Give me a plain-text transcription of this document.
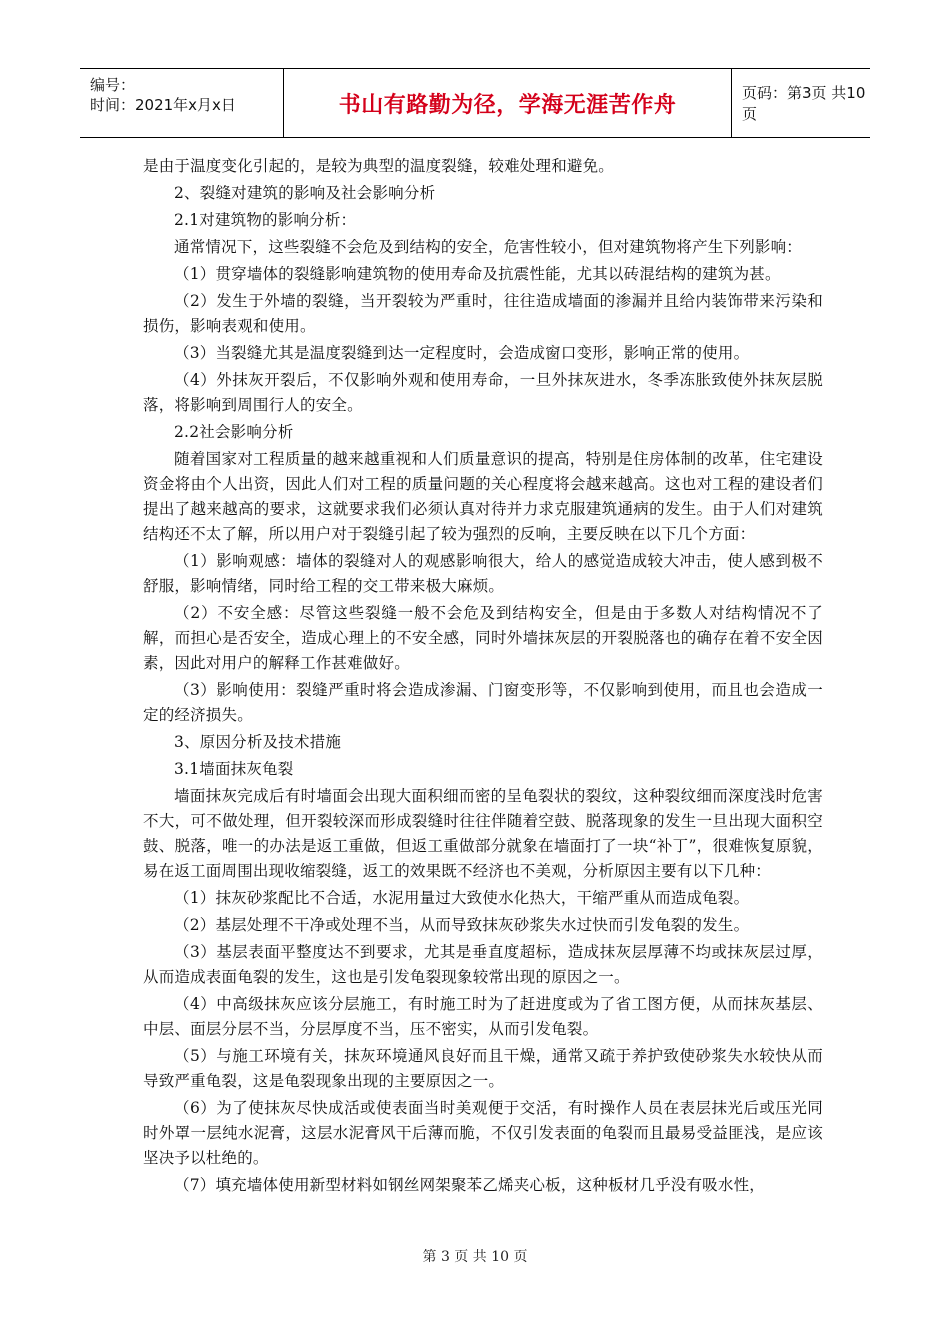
编号：
时间：2021年x月x日	书山有路勤为径，学海无涯苦作舟	页码：第3页 共10页

是由于温度变化引起的，是较为典型的温度裂缝，较难处理和避免。

2、裂缝对建筑的影响及社会影响分析

2.1对建筑物的影响分析：

通常情况下，这些裂缝不会危及到结构的安全，危害性较小，但对建筑物将产生下列影响：

（1）贯穿墙体的裂缝影响建筑物的使用寿命及抗震性能，尤其以砖混结构的建筑为甚。

（2）发生于外墙的裂缝，当开裂较为严重时，往往造成墙面的渗漏并且给内装饰带来污染和损伤，影响表观和使用。

（3）当裂缝尤其是温度裂缝到达一定程度时，会造成窗口变形，影响正常的使用。

（4）外抹灰开裂后，不仅影响外观和使用寿命，一旦外抹灰进水，冬季冻胀致使外抹灰层脱落，将影响到周围行人的安全。

2.2社会影响分析

随着国家对工程质量的越来越重视和人们质量意识的提高，特别是住房体制的改革，住宅建设资金将由个人出资，因此人们对工程的质量问题的关心程度将会越来越高。这也对工程的建设者们提出了越来越高的要求，这就要求我们必须认真对待并力求克服建筑通病的发生。由于人们对建筑结构还不太了解，所以用户对于裂缝引起了较为强烈的反响，主要反映在以下几个方面：

（1）影响观感：墙体的裂缝对人的观感影响很大，给人的感觉造成较大冲击，使人感到极不舒服，影响情绪，同时给工程的交工带来极大麻烦。

（2）不安全感：尽管这些裂缝一般不会危及到结构安全，但是由于多数人对结构情况不了解，而担心是否安全，造成心理上的不安全感，同时外墙抹灰层的开裂脱落也的确存在着不安全因素，因此对用户的解释工作甚难做好。

（3）影响使用：裂缝严重时将会造成渗漏、门窗变形等，不仅影响到使用，而且也会造成一定的经济损失。

3、原因分析及技术措施

3.1墙面抹灰龟裂

墙面抹灰完成后有时墙面会出现大面积细而密的呈龟裂状的裂纹，这种裂纹细而深度浅时危害不大，可不做处理，但开裂较深而形成裂缝时往往伴随着空鼓、脱落现象的发生一旦出现大面积空鼓、脱落，唯一的办法是返工重做，但返工重做部分就象在墙面打了一块“补丁”，很难恢复原貌，易在返工面周围出现收缩裂缝，返工的效果既不经济也不美观，分析原因主要有以下几种：

（1）抹灰砂浆配比不合适，水泥用量过大致使水化热大，干缩严重从而造成龟裂。

（2）基层处理不干净或处理不当，从而导致抹灰砂浆失水过快而引发龟裂的发生。

（3）基层表面平整度达不到要求，尤其是垂直度超标，造成抹灰层厚薄不均或抹灰层过厚，从而造成表面龟裂的发生，这也是引发龟裂现象较常出现的原因之一。

（4）中高级抹灰应该分层施工，有时施工时为了赶进度或为了省工图方便，从而抹灰基层、中层、面层分层不当，分层厚度不当，压不密实，从而引发龟裂。

（5）与施工环境有关，抹灰环境通风良好而且干燥，通常又疏于养护致使砂浆失水较快从而导致严重龟裂，这是龟裂现象出现的主要原因之一。

（6）为了使抹灰尽快成活或使表面当时美观便于交活，有时操作人员在表层抹光后或压光同时外罩一层纯水泥膏，这层水泥膏风干后薄而脆，不仅引发表面的龟裂而且最易受益匪浅，是应该坚决予以杜绝的。

（7）填充墙体使用新型材料如钢丝网架聚苯乙烯夹心板，这种板材几乎没有吸水性，

第 3 页 共 10 页
